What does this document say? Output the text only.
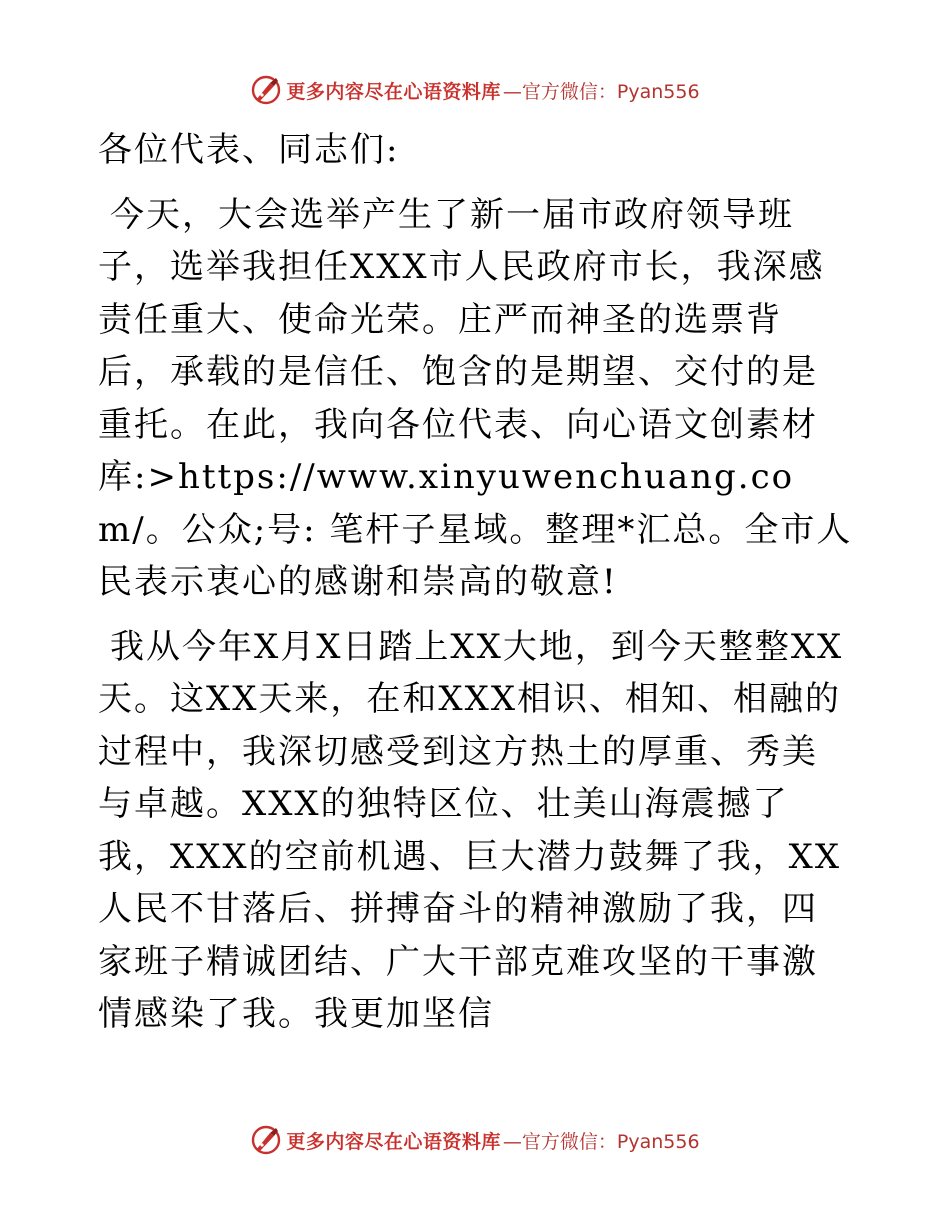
更多内容尽在心语资料库 —官方微信：Pyan556

各位代表、同志们:

今天，大会选举产生了新一届市政府领导班子，选举我担任XXX市人民政府市长，我深感责任重大、使命光荣。庄严而神圣的选票背后，承载的是信任、饱含的是期望、交付的是重托。在此，我向各位代表、向心语文创素材库:>https://www.xinyuwenchuang.com/。公众;号: 笔杆子星域。整理*汇总。全市人民表示衷心的感谢和崇高的敬意!

我从今年X月X日踏上XX大地，到今天整整XX天。这XX天来，在和XXX相识、相知、相融的过程中，我深切感受到这方热土的厚重、秀美与卓越。XXX的独特区位、壮美山海震撼了我，XXX的空前机遇、巨大潜力鼓舞了我，XX人民不甘落后、拼搏奋斗的精神激励了我，四家班子精诚团结、广大干部克难攻坚的干事激情感染了我。我更加坚信

更多内容尽在心语资料库 —官方微信：Pyan556
